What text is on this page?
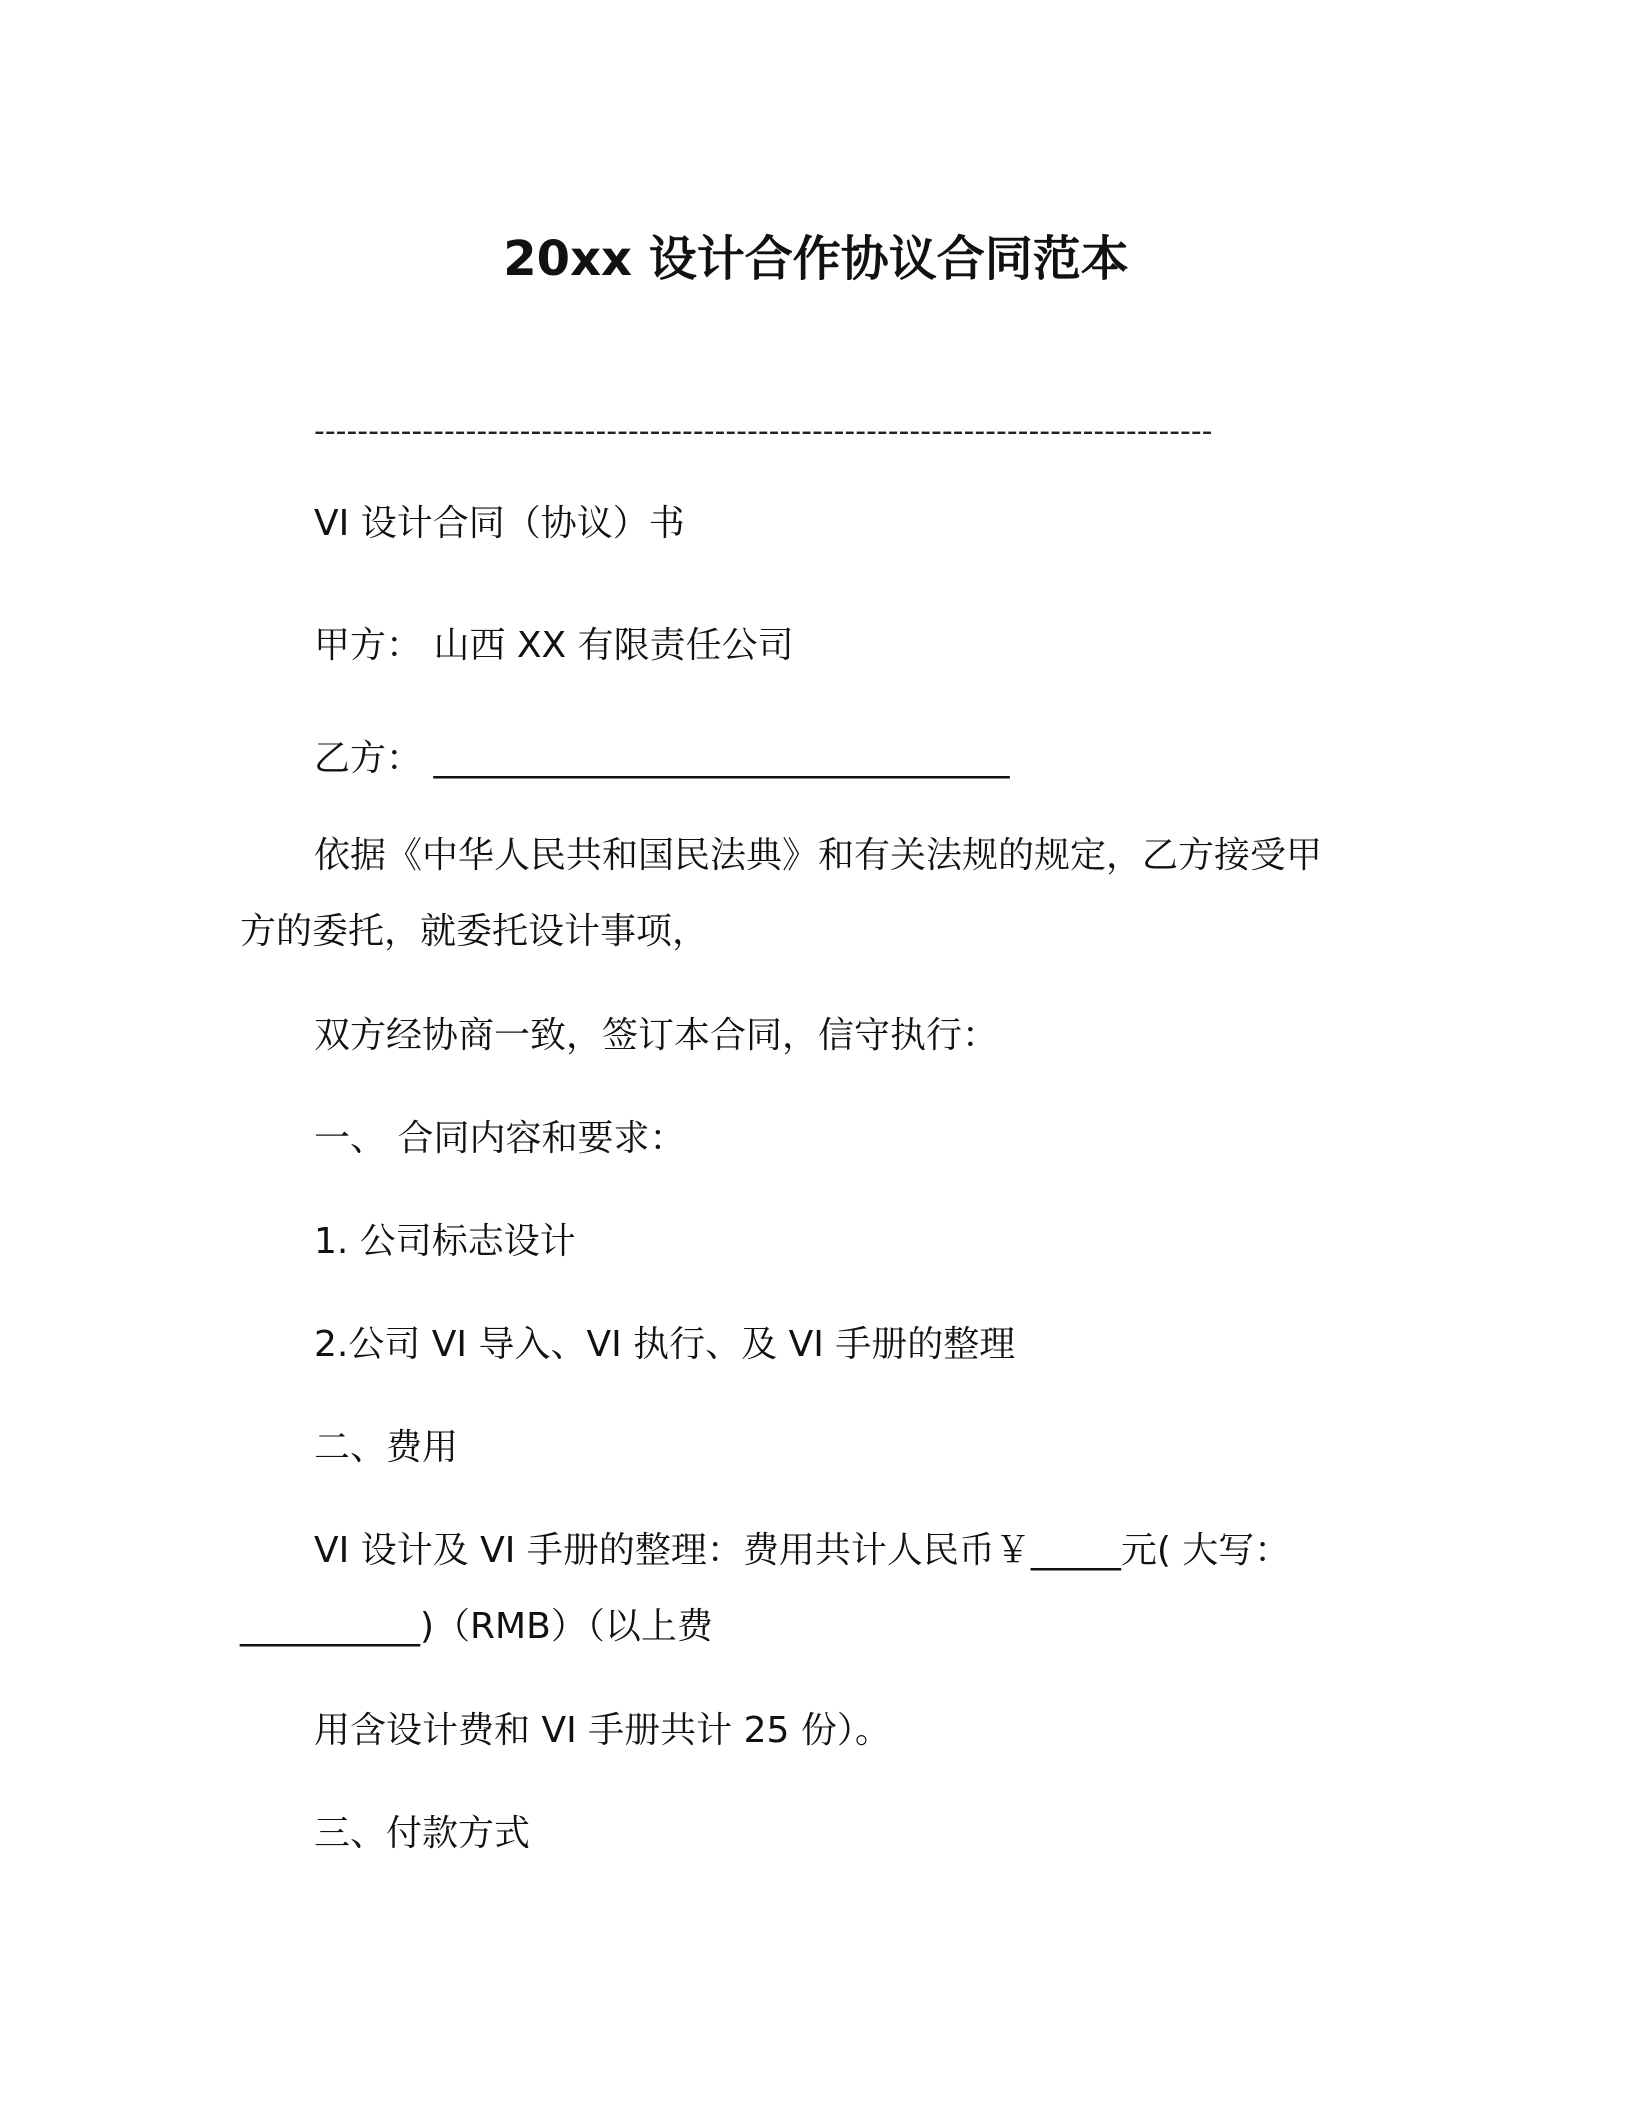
20xx 设计合作协议合同范本
-----------------------------------------------------------------------------------
VI 设计合同（协议）书
甲方： 山西 XX 有限责任公司
乙方： ________________________________
依据《中华人民共和国民法典》和有关法规的规定，乙方接受甲
方的委托，就委托设计事项，
双方经协商一致，签订本合同，信守执行：
一、 合同内容和要求：
1. 公司标志设计
2.公司 VI 导入、VI 执行、及 VI 手册的整理
二、费用
VI 设计及 VI 手册的整理：费用共计人民币￥_____元( 大写：
__________)（RMB）（以上费
用含设计费和 VI 手册共计 25 份）。
三、付款方式
